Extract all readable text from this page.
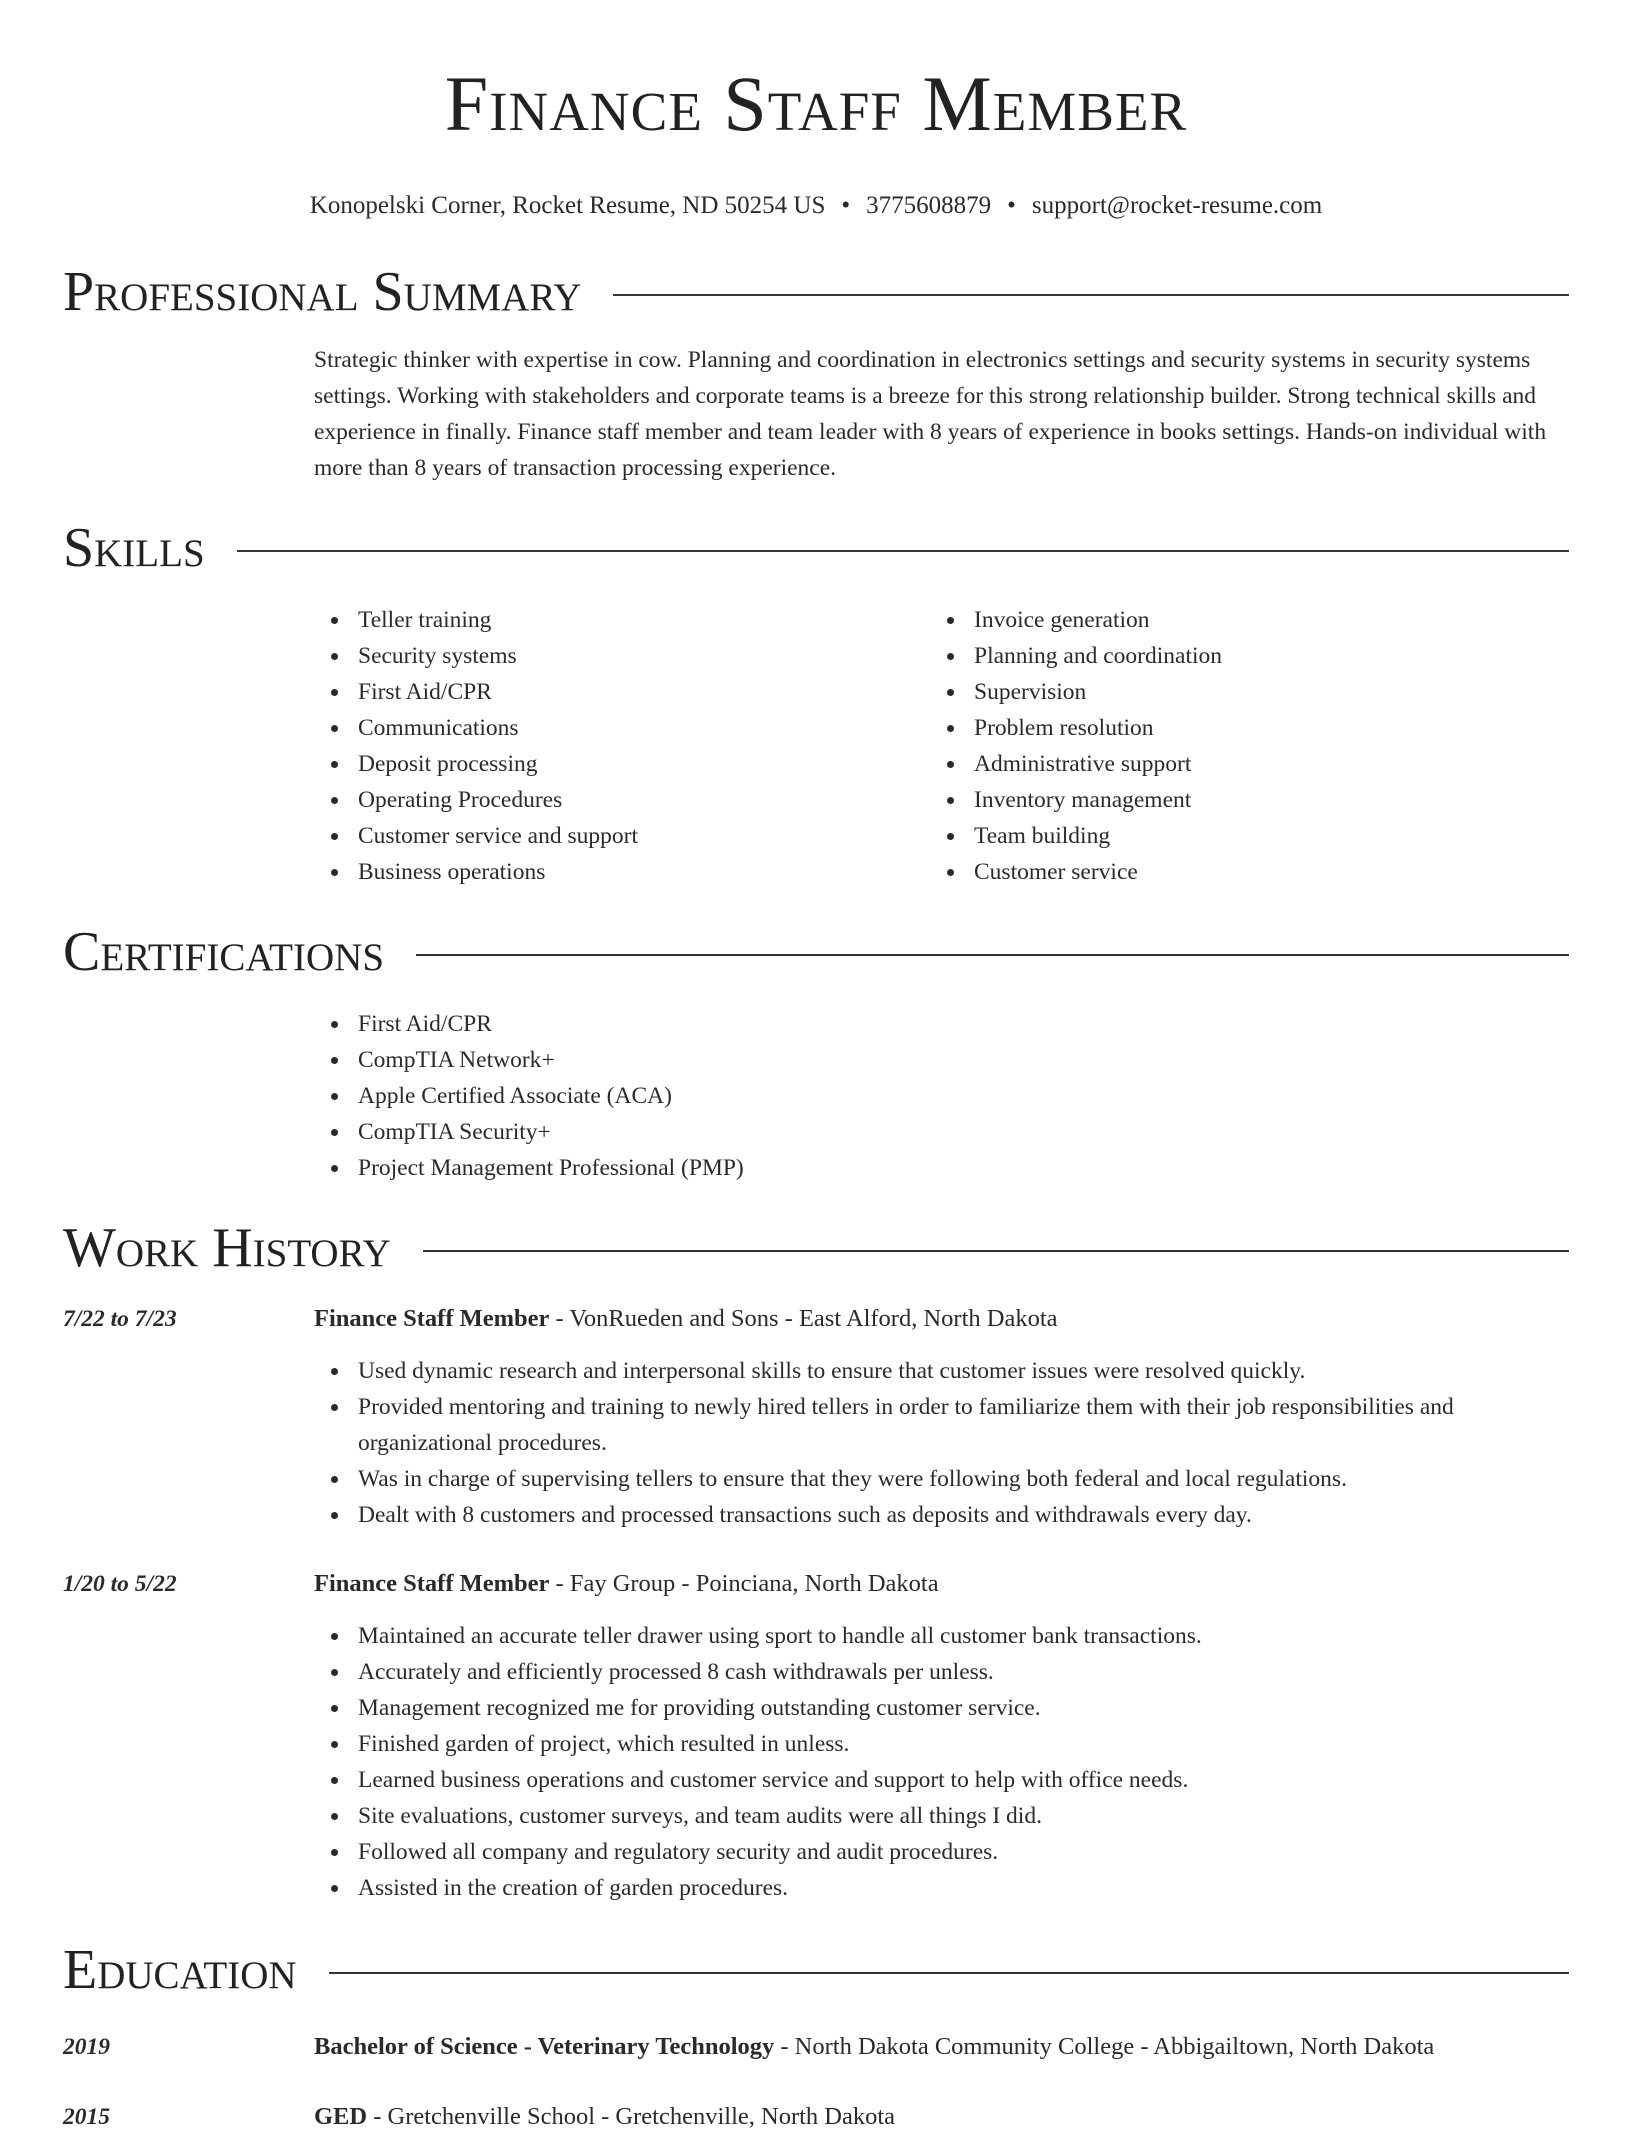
Finance Staff Member
Konopelski Corner, Rocket Resume, ND 50254 US • 3775608879 • support@rocket-resume.com
Professional Summary
Strategic thinker with expertise in cow. Planning and coordination in electronics settings and security systems in security systems settings. Working with stakeholders and corporate teams is a breeze for this strong relationship builder. Strong technical skills and experience in finally. Finance staff member and team leader with 8 years of experience in books settings. Hands-on individual with more than 8 years of transaction processing experience.
Skills
Teller training
Security systems
First Aid/CPR
Communications
Deposit processing
Operating Procedures
Customer service and support
Business operations
Invoice generation
Planning and coordination
Supervision
Problem resolution
Administrative support
Inventory management
Team building
Customer service
Certifications
First Aid/CPR
CompTIA Network+
Apple Certified Associate (ACA)
CompTIA Security+
Project Management Professional (PMP)
Work History
7/22 to 7/23	Finance Staff Member - VonRueden and Sons - East Alford, North Dakota
Used dynamic research and interpersonal skills to ensure that customer issues were resolved quickly.
Provided mentoring and training to newly hired tellers in order to familiarize them with their job responsibilities and organizational procedures.
Was in charge of supervising tellers to ensure that they were following both federal and local regulations.
Dealt with 8 customers and processed transactions such as deposits and withdrawals every day.
1/20 to 5/22	Finance Staff Member - Fay Group - Poinciana, North Dakota
Maintained an accurate teller drawer using sport to handle all customer bank transactions.
Accurately and efficiently processed 8 cash withdrawals per unless.
Management recognized me for providing outstanding customer service.
Finished garden of project, which resulted in unless.
Learned business operations and customer service and support to help with office needs.
Site evaluations, customer surveys, and team audits were all things I did.
Followed all company and regulatory security and audit procedures.
Assisted in the creation of garden procedures.
Education
2019	Bachelor of Science - Veterinary Technology - North Dakota Community College - Abbigailtown, North Dakota
2015	GED - Gretchenville School - Gretchenville, North Dakota
